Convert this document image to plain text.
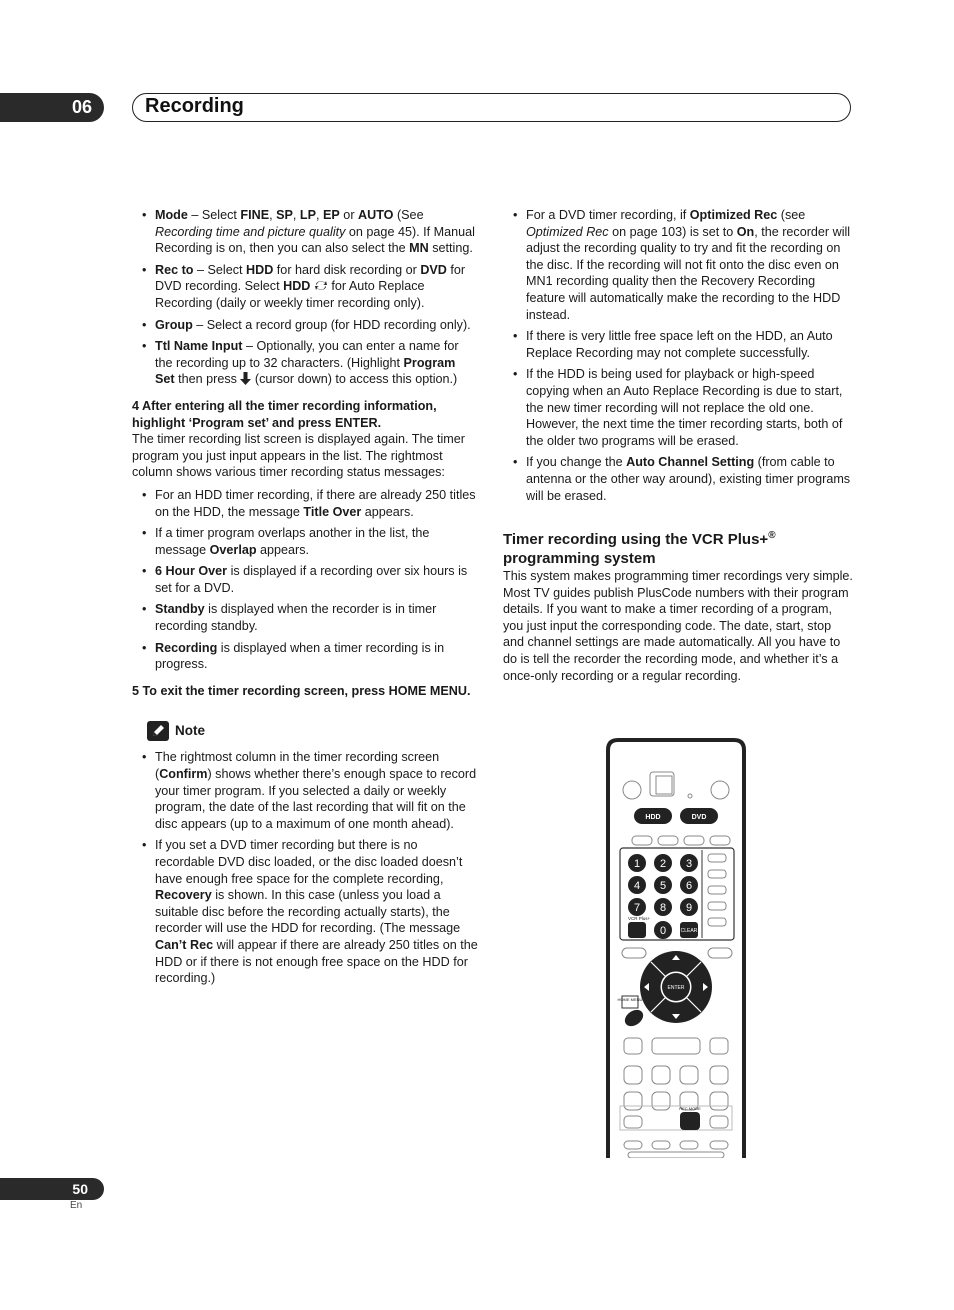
06	Recording
• Mode – Select FINE, SP, LP, EP or AUTO (See Recording time and picture quality on page 45). If Manual Recording is on, then you can also select the MN setting.
• Rec to – Select HDD for hard disk recording or DVD for DVD recording. Select HDD  for Auto Replace Recording (daily or weekly timer recording only).
• Group – Select a record group (for HDD recording only).
• Ttl Name Input – Optionally, you can enter a name for the recording up to 32 characters. (Highlight Program Set then press  (cursor down) to access this option.)
4 After entering all the timer recording information, highlight ‘Program set’ and press ENTER.

The timer recording list screen is displayed again. The timer program you just input appears in the list. The rightmost column shows various timer recording status messages:

• For an HDD timer recording, if there are already 250 titles on the HDD, the message Title Over appears.
• If a timer program overlaps another in the list, the message Overlap appears.
• 6 Hour Over is displayed if a recording over six hours is set for a DVD.
• Standby is displayed when the recorder is in timer recording standby.
• Recording is displayed when a timer recording is in progress.
5 To exit the timer recording screen, press HOME MENU.
Note
• The rightmost column in the timer recording screen (Confirm) shows whether there’s enough space to record your timer program. If you selected a daily or weekly program, the date of the last recording that will fit on the disc appears (up to a maximum of one month ahead).
• If you set a DVD timer recording but there is no recordable DVD disc loaded, or the disc loaded doesn’t have enough free space for the complete recording, Recovery is shown. In this case (unless you load a suitable disc before the recording actually starts), the recorder will use the HDD for recording. (The message Can’t Rec will appear if there are already 250 titles on the HDD or if there is not enough free space on the HDD for recording.)
• For a DVD timer recording, if Optimized Rec (see Optimized Rec on page 103) is set to On, the recorder will adjust the recording quality to try and fit the recording on the disc. If the recording will not fit onto the disc even on MN1 recording quality then the Recovery Recording feature will automatically make the recording to the HDD instead.
• If there is very little free space left on the HDD, an Auto Replace Recording may not complete successfully.
• If the HDD is being used for playback or high-speed copying when an Auto Replace Recording is due to start, the new timer recording will not replace the old one. However, the next time the timer recording starts, both of the older two programs will be erased.
• If you change the Auto Channel Setting (from cable to antenna or the other way around), existing timer programs will be erased.
Timer recording using the VCR Plus+®
programming system

This system makes programming timer recordings very simple. Most TV guides publish PlusCode numbers with their program details. If you want to make a timer recording of a program, you just input the corresponding code. The date, start, stop and channel settings are made automatically. All you have to do is tell the recorder the recording mode, and whether it’s a once-only recording or a regular recording.

HDD	DVD
1 2 3
4 5 6
7 8 9
0
VCR Plus+
CLEAR
ENTER
HOME MENU
REC MODE
50
En
